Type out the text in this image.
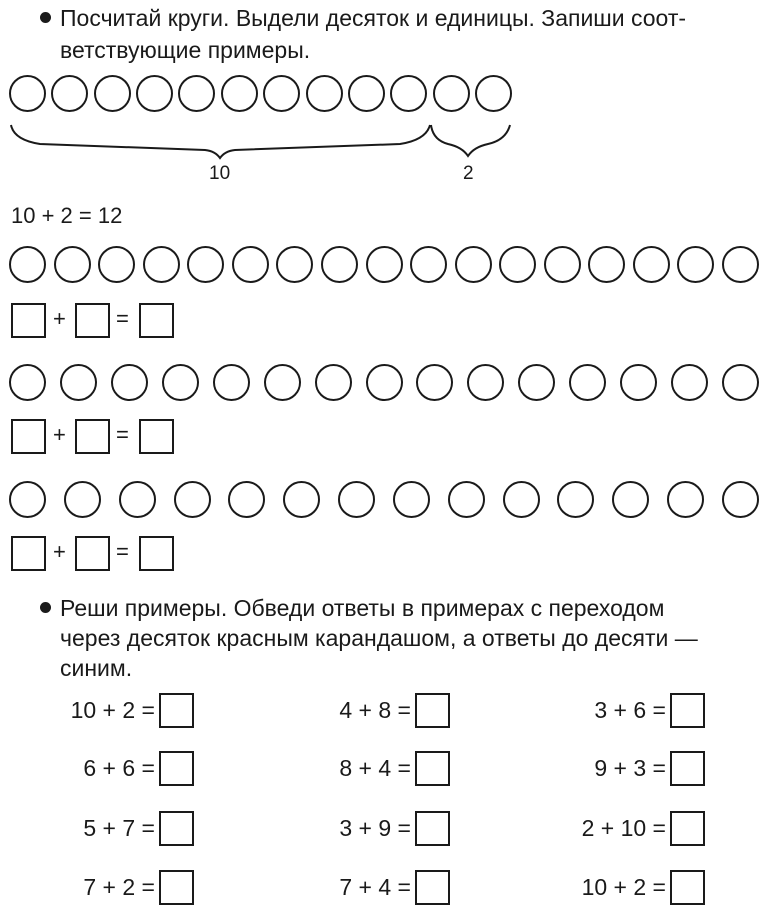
Посчитай круги. Выдели десяток и единицы. Запиши соот-
ветствующие примеры.
10	2
10 + 2 = 12
+ =
+ =
+ =
Реши примеры. Обведи ответы в примерах с переходом
через десяток красным карандашом, а ответы до десяти —
синим.
10 + 2 =
6 + 6 =
5 + 7 =
7 + 2 =
4 + 8 =
8 + 4 =
3 + 9 =
7 + 4 =
3 + 6 =
9 + 3 =
2 + 10 =
10 + 2 =
